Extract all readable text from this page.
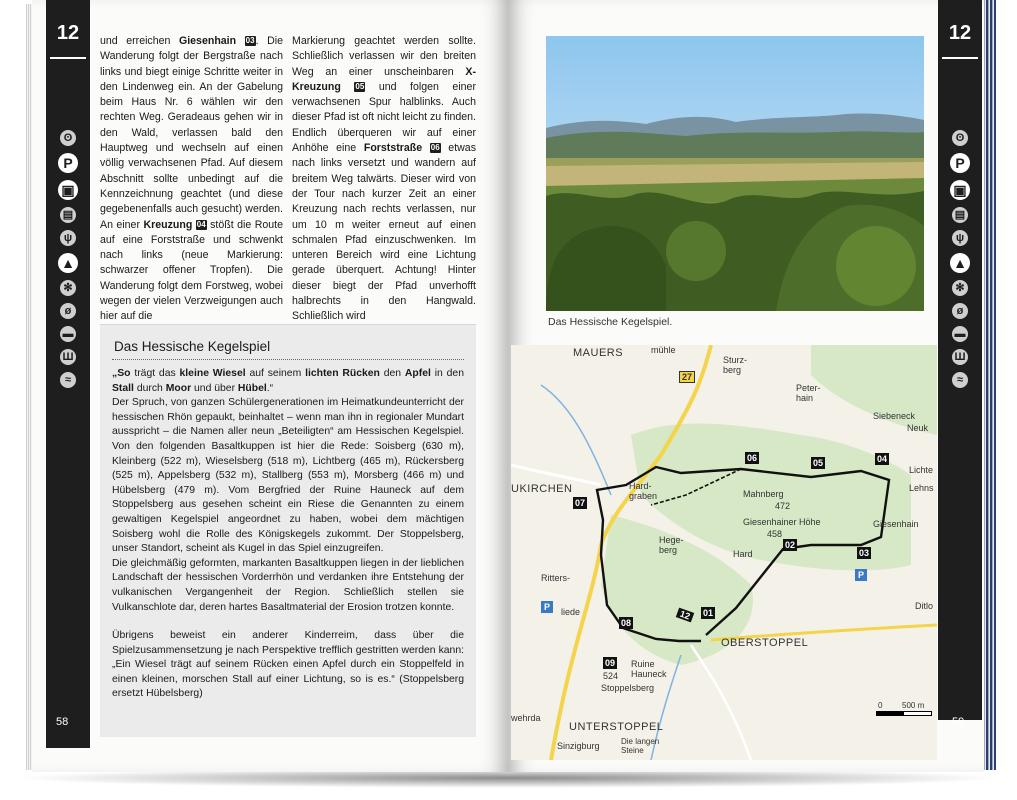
12
ʘ
P
▣
▤
ψ
▲
✻
ø
▬
Ш
≈
58
12
ʘ
P
▣
▤
ψ
▲
✻
ø
▬
Ш
≈
59
und erreichen Giesenhain 03. Die Wanderung folgt der Bergstraße nach links und biegt einige Schritte weiter in den Lindenweg ein. An der Gabelung beim Haus Nr. 6 wählen wir den rechten Weg. Geradeaus gehen wir in den Wald, verlassen bald den Hauptweg und wechseln auf einen völlig verwachsenen Pfad. Auf diesem Abschnitt sollte unbedingt auf die Kennzeichnung geachtet (und diese gegebenenfalls auch gesucht) werden. An einer Kreuzung 04 stößt die Route auf eine Forststraße und schwenkt nach links (neue Markierung: schwarzer offener Tropfen). Die Wanderung folgt dem Forstweg, wobei wegen der vielen Verzweigungen auch hier auf die
Markierung geachtet werden sollte. Schließlich verlassen wir den breiten Weg an einer unscheinbaren X-Kreuzung 05 und folgen einer verwachsenen Spur halblinks. Auch dieser Pfad ist oft nicht leicht zu finden. Endlich überqueren wir auf einer Anhöhe eine Forststraße 06 etwas nach links versetzt und wandern auf breitem Weg talwärts. Dieser wird von der Tour nach kurzer Zeit an einer Kreuzung nach rechts verlassen, nur um 10 m weiter erneut auf einen schmalen Pfad einzuschwenken. Im unteren Bereich wird eine Lichtung gerade überquert. Achtung! Hinter dieser biegt der Pfad unverhofft halbrechts in den Hangwald. Schließlich wird
Das Hessische Kegelspiel
„So trägt das kleine Wiesel auf seinem lichten Rücken den Apfel in den Stall durch Moor und über Hübel.“
Der Spruch, von ganzen Schülergenerationen im Heimatkundeunterricht der hessischen Rhön gepaukt, beinhaltet – wenn man ihn in regionaler Mundart ausspricht – die Namen aller neun „Beteiligten“ am Hessischen Kegelspiel. Von den folgenden Basaltkuppen ist hier die Rede: Soisberg (630 m), Kleinberg (522 m), Wieselsberg (518 m), Lichtberg (465 m), Rückersberg (525 m), Appelsberg (532 m), Stallberg (553 m), Morsberg (466 m) und Hübelsberg (479 m). Vom Bergfried der Ruine Hauneck auf dem Stoppelsberg aus gesehen scheint ein Riese die Genannten zu einem gewaltigen Kegelspiel angeordnet zu haben, wobei dem mächtigen Soisberg wohl die Rolle des Königskegels zukommt. Der Stoppelsberg, unser Standort, scheint als Kugel in das Spiel einzugreifen.
Die gleichmäßig geformten, markanten Basaltkuppen liegen in der lieblichen Landschaft der hessischen Vorderrhön und verdanken ihre Entstehung der vulkanischen Vergangenheit der Region. Schließlich stellen sie Vulkanschlote dar, deren hartes Basaltmaterial der Erosion trotzen konnte.
Übrigens beweist ein anderer Kinderreim, dass über die Spielzusammensetzung je nach Perspektive trefflich gestritten werden kann: „Ein Wiesel trägt auf seinem Rücken einen Apfel durch ein Stoppelfeld in einen kleinen, morschen Stall auf einer Lichtung, so is es.“ (Stoppelsberg ersetzt Hübelsberg)
Das Hessische Kegelspiel.
MAUERS	mühle
Sturz-
berg
Peter-
hain
Siebeneck
Neuk
Lichte
Lehns
UKIRCHEN	Hard-
graben	Mahnberg
472
Giesenhainer Höhe
458
Giesenhain
Hege-
berg	Hard
Ritters-
liede
Ditlo
OBERSTOPPEL
Ruine
Hauneck
524
Stoppelsberg
UNTERSTOPPEL
wehrda
Sinzigburg	Die langen
Steine
27
12	01
02
03
04
05
06
07
08
09
P
P
0 500 m
